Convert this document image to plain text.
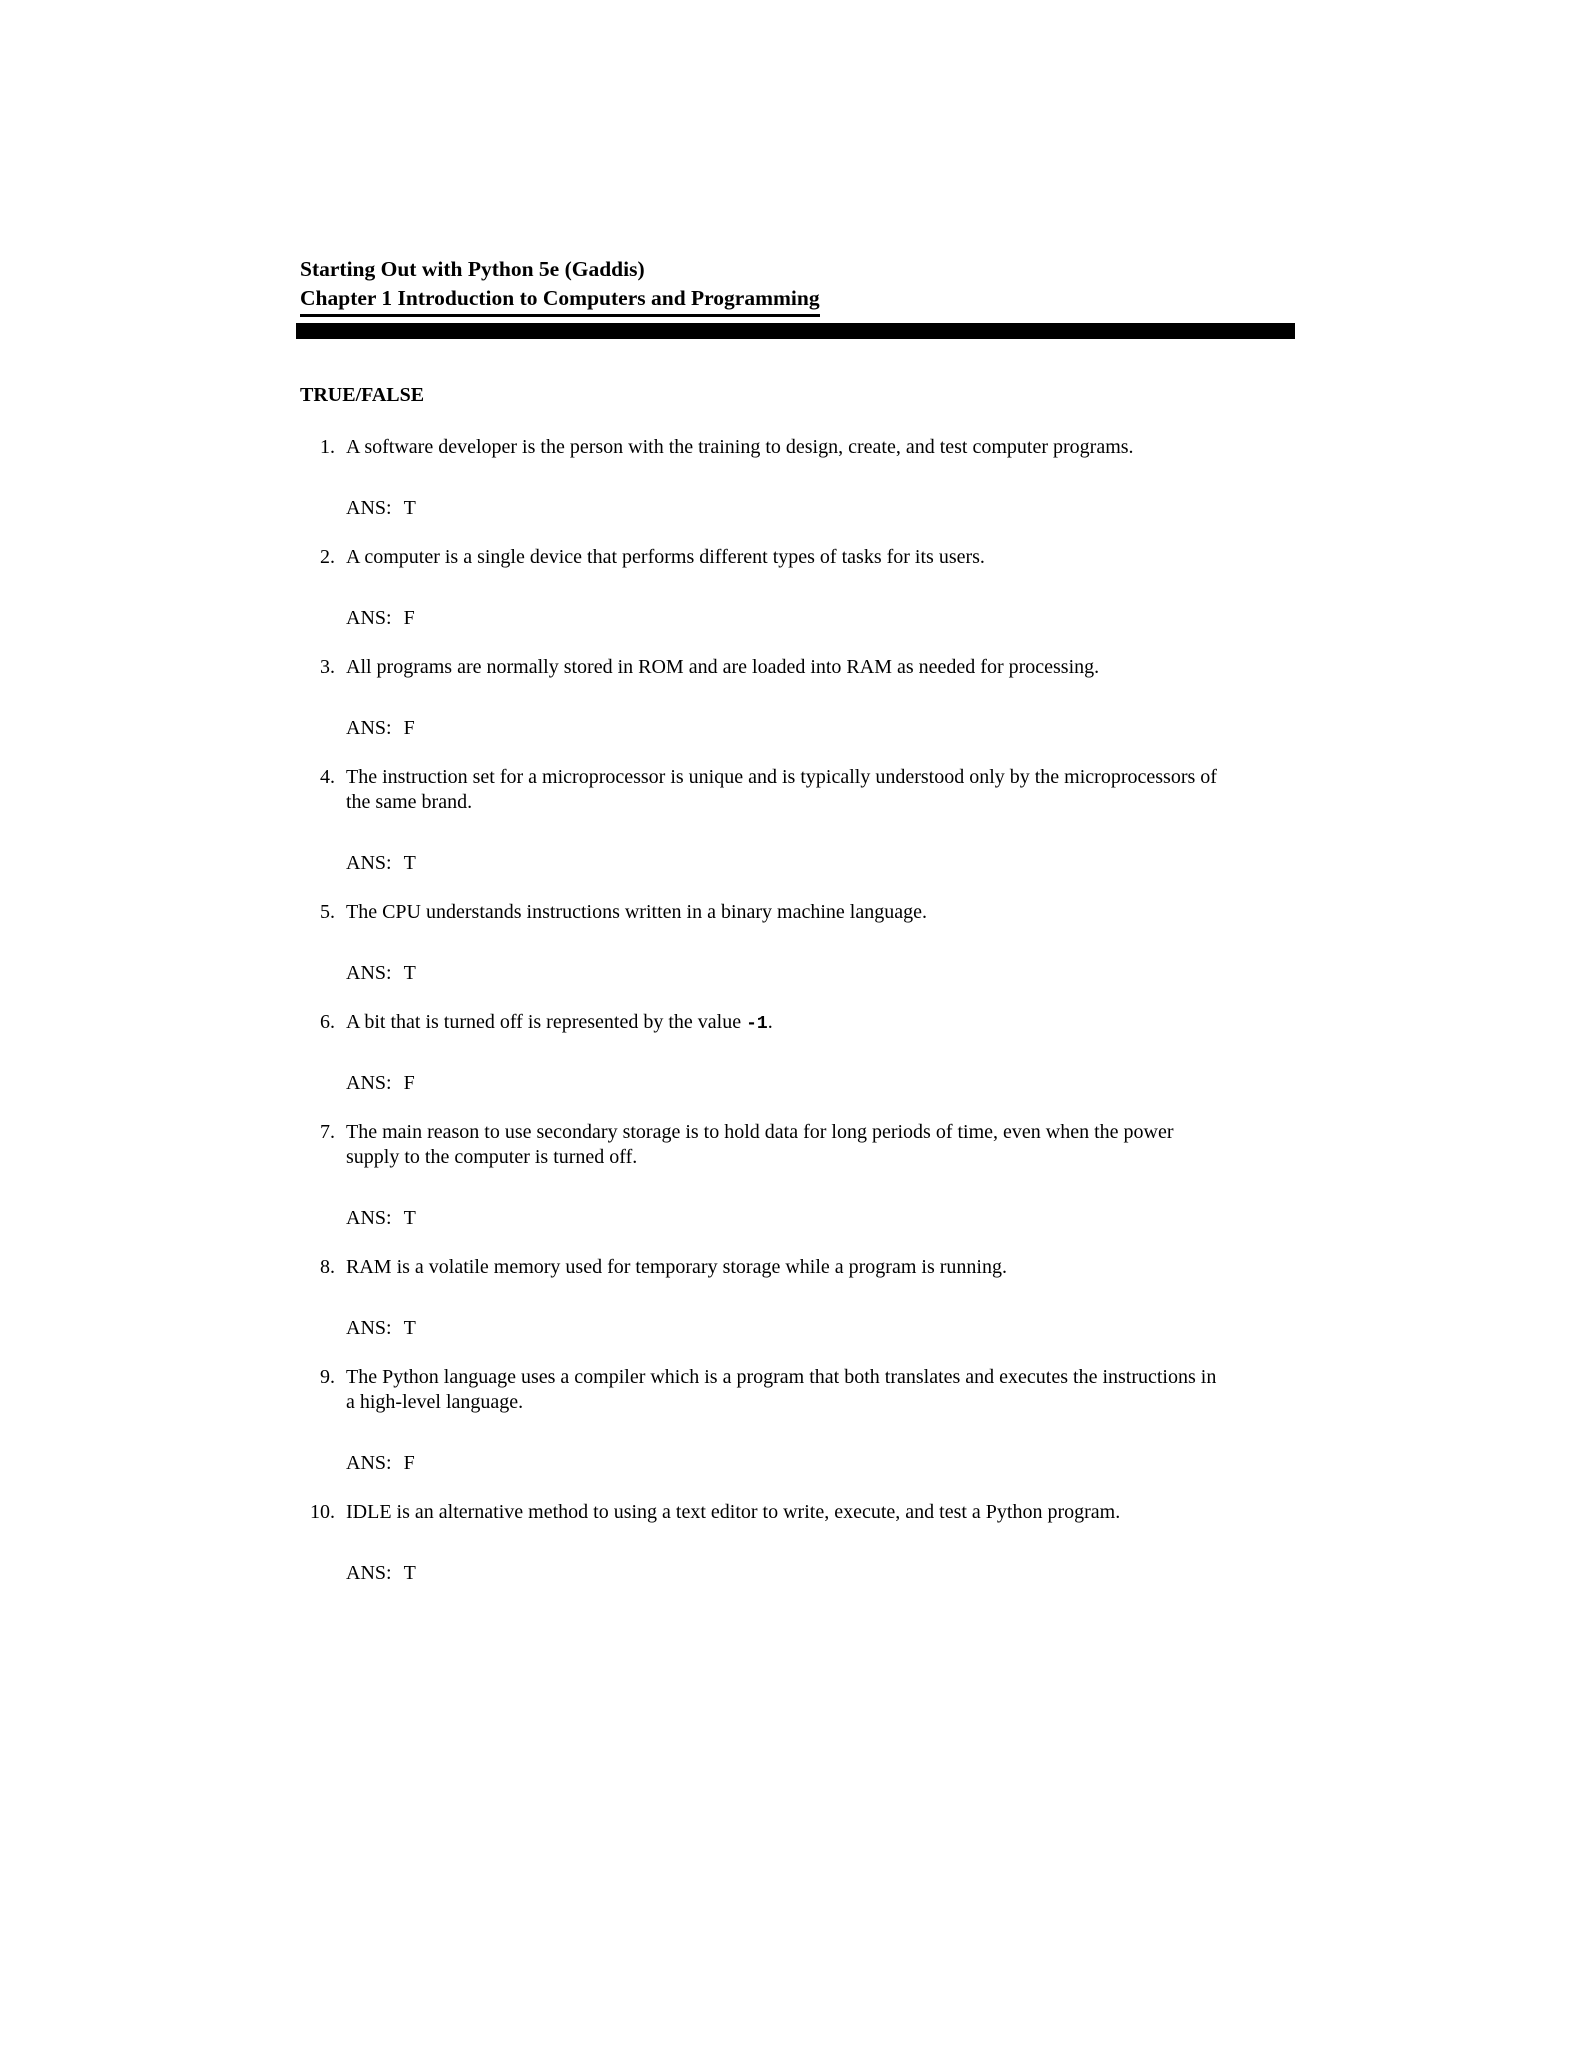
Starting Out with Python 5e (Gaddis)
Chapter 1 Introduction to Computers and Programming
TRUE/FALSE
1. A software developer is the person with the training to design, create, and test computer programs.

ANS: T

2. A computer is a single device that performs different types of tasks for its users.

ANS: F

3. All programs are normally stored in ROM and are loaded into RAM as needed for processing.

ANS: F

4. The instruction set for a microprocessor is unique and is typically understood only by the microprocessors of the same brand.

ANS: T

5. The CPU understands instructions written in a binary machine language.

ANS: T

6. A bit that is turned off is represented by the value -1.

ANS: F

7. The main reason to use secondary storage is to hold data for long periods of time, even when the power supply to the computer is turned off.

ANS: T

8. RAM is a volatile memory used for temporary storage while a program is running.

ANS: T

9. The Python language uses a compiler which is a program that both translates and executes the instructions in a high-level language.

ANS: F

10. IDLE is an alternative method to using a text editor to write, execute, and test a Python program.

ANS: T
